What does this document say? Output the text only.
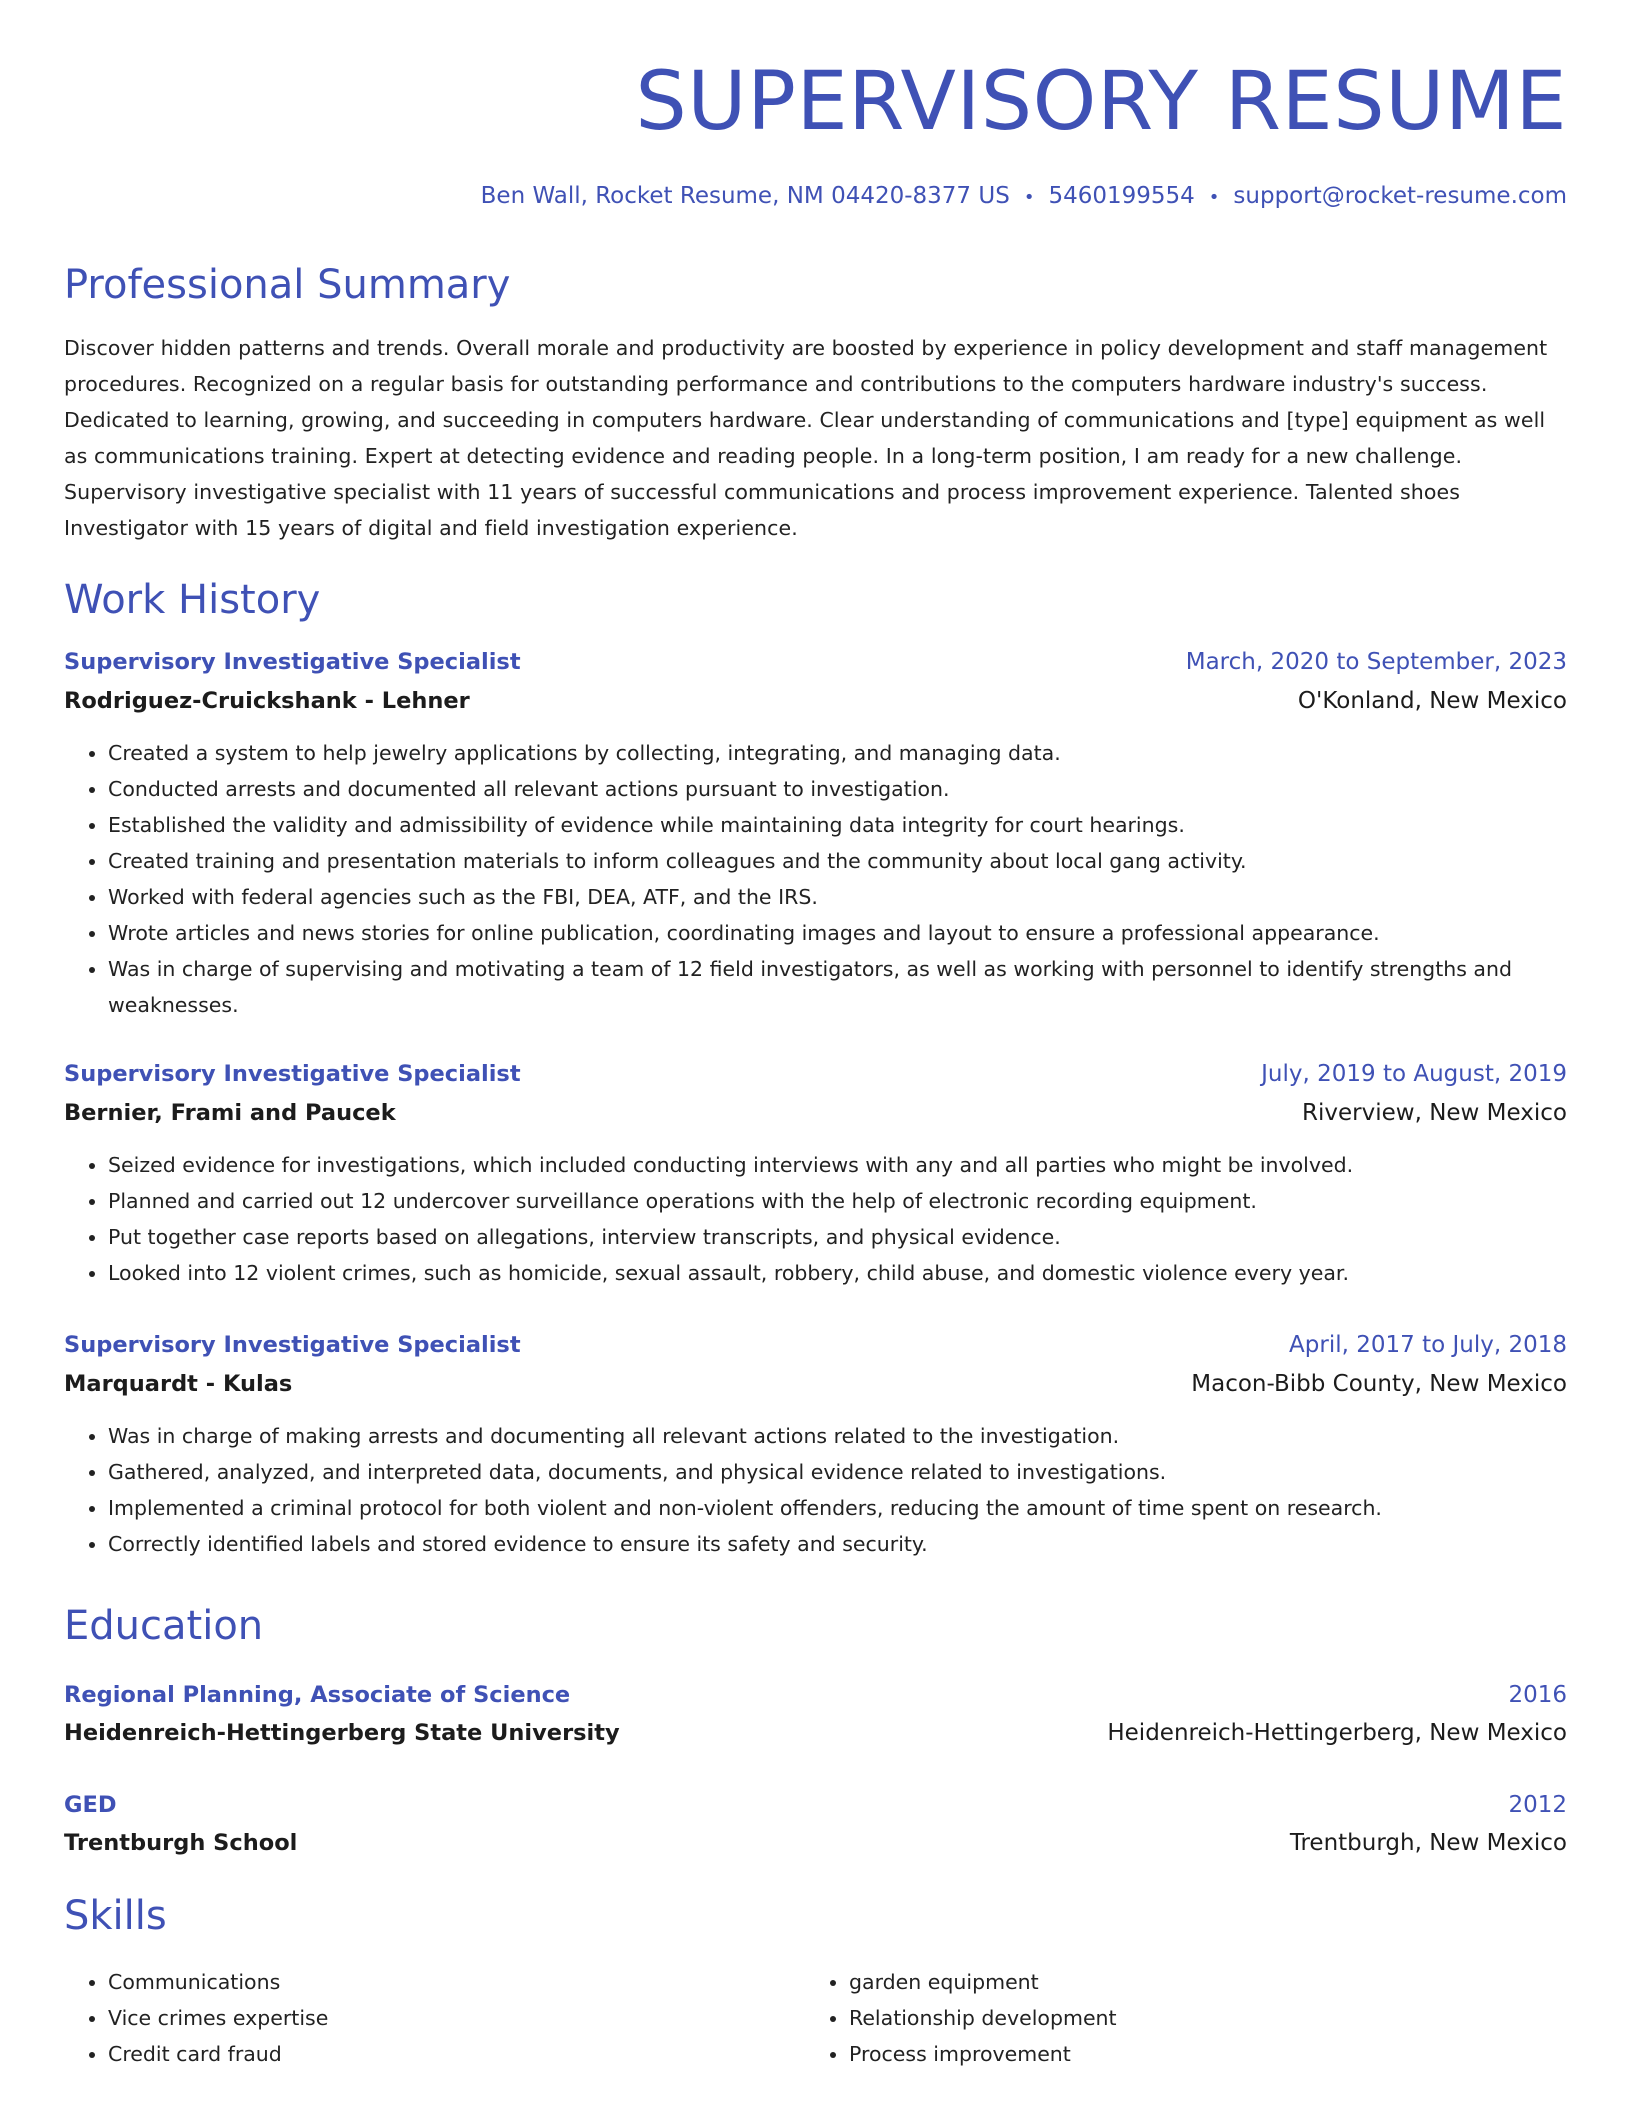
SUPERVISORY RESUME
Ben Wall, Rocket Resume, NM 04420-8377 US • 5460199554 • support@rocket-resume.com
Professional Summary

Discover hidden patterns and trends. Overall morale and productivity are boosted by experience in policy development and staff management procedures. Recognized on a regular basis for outstanding performance and contributions to the computers hardware industry's success. Dedicated to learning, growing, and succeeding in computers hardware. Clear understanding of communications and [type] equipment as well as communications training. Expert at detecting evidence and reading people. In a long-term position, I am ready for a new challenge. Supervisory investigative specialist with 11 years of successful communications and process improvement experience. Talented shoes Investigator with 15 years of digital and field investigation experience.

Work History
Supervisory Investigative Specialist	March, 2020 to September, 2023
Rodriguez-Cruickshank - Lehner	O'Konland, New Mexico
• Created a system to help jewelry applications by collecting, integrating, and managing data.
• Conducted arrests and documented all relevant actions pursuant to investigation.
• Established the validity and admissibility of evidence while maintaining data integrity for court hearings.
• Created training and presentation materials to inform colleagues and the community about local gang activity.
• Worked with federal agencies such as the FBI, DEA, ATF, and the IRS.
• Wrote articles and news stories for online publication, coordinating images and layout to ensure a professional appearance.
• Was in charge of supervising and motivating a team of 12 field investigators, as well as working with personnel to identify strengths and weaknesses.
Supervisory Investigative Specialist	July, 2019 to August, 2019
Bernier, Frami and Paucek	Riverview, New Mexico
• Seized evidence for investigations, which included conducting interviews with any and all parties who might be involved.
• Planned and carried out 12 undercover surveillance operations with the help of electronic recording equipment.
• Put together case reports based on allegations, interview transcripts, and physical evidence.
• Looked into 12 violent crimes, such as homicide, sexual assault, robbery, child abuse, and domestic violence every year.
Supervisory Investigative Specialist	April, 2017 to July, 2018
Marquardt - Kulas	Macon-Bibb County, New Mexico
• Was in charge of making arrests and documenting all relevant actions related to the investigation.
• Gathered, analyzed, and interpreted data, documents, and physical evidence related to investigations.
• Implemented a criminal protocol for both violent and non-violent offenders, reducing the amount of time spent on research.
• Correctly identified labels and stored evidence to ensure its safety and security.
Education
Regional Planning, Associate of Science	2016
Heidenreich-Hettingerberg State University	Heidenreich-Hettingerberg, New Mexico
GED	2012
Trentburgh School	Trentburgh, New Mexico
Skills
• Communications
• Vice crimes expertise
• Credit card fraud
• garden equipment
• Relationship development
• Process improvement
